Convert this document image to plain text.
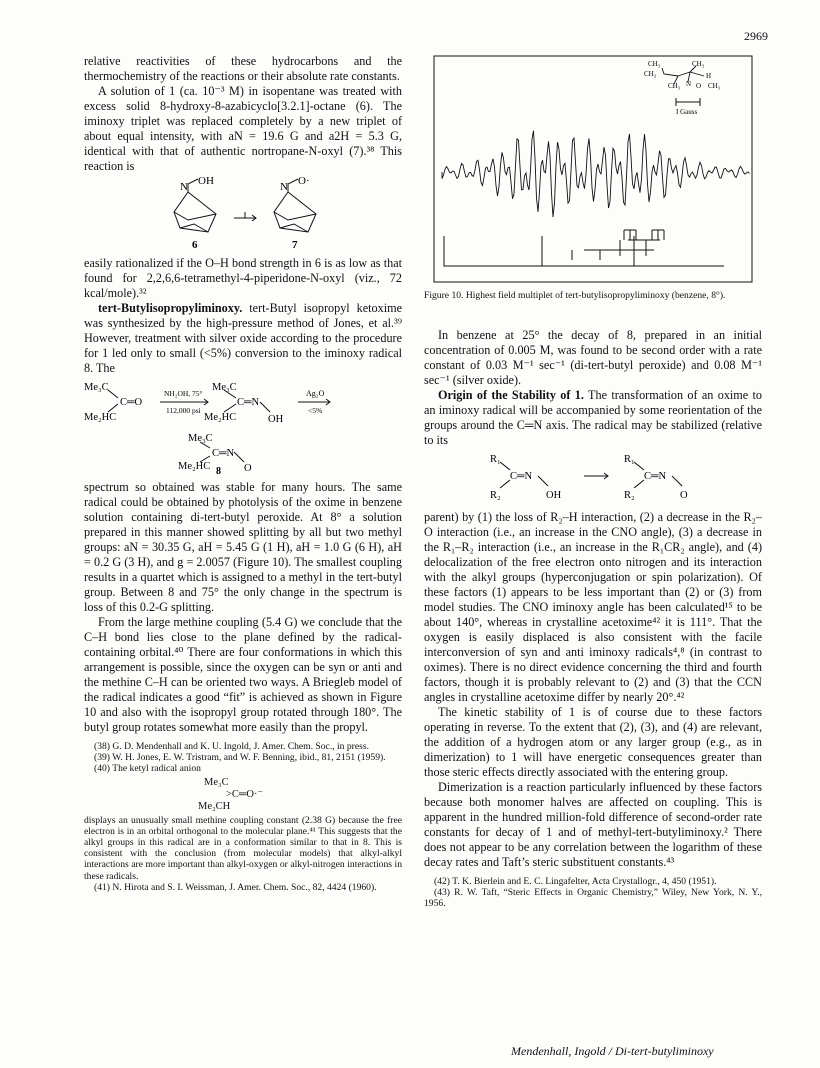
2969

relative reactivities of these hydrocarbons and the thermochemistry of the reactions or their absolute rate constants.

A solution of 1 (ca. 10⁻³ M) in isopentane was treated with excess solid 8-hydroxy-8-azabicyclo[3.2.1]-octane (6). The iminoxy triplet was replaced completely by a new triplet of about equal intensity, with aN = 19.6 G and a2H = 5.3 G, identical with that of authentic nortropane-N-oxyl (7).³⁸ This reaction is

N OH	N O·
6	7

easily rationalized if the O–H bond strength in 6 is as low as that found for 2,2,6,6-tetramethyl-4-piperidone-N-oxyl (viz., 72 kcal/mole).³²

tert-Butylisopropyliminoxy. tert-Butyl isopropyl ketoxime was synthesized by the high-pressure method of Jones, et al.³⁹ However, treatment with silver oxide according to the procedure for 1 led only to small (<5%) conversion to the iminoxy radical 8. The

Me₃C
Me₂HC
C═O
NH₂OH, 75°
112,000 psi
Me₃C
Me₂HC
C═N
OH
Ag₂O
<5%
Me₃C
Me₂HC
C═N
O
8

spectrum so obtained was stable for many hours. The same radical could be obtained by photolysis of the oxime in benzene solution containing di-tert-butyl peroxide. At 8° a solution prepared in this manner showed splitting by all but two methyl groups: aN = 30.35 G, aH = 5.45 G (1 H), aH = 1.0 G (6 H), aH = 0.2 G (3 H), and g = 2.0057 (Figure 10). The smallest coupling results in a quartet which is assigned to a methyl in the tert-butyl group. Between 8 and 75° the only change in the spectrum is loss of this 0.2-G splitting.

From the large methine coupling (5.4 G) we conclude that the C–H bond lies close to the plane defined by the radical-containing orbital.⁴⁰ There are four conformations in which this arrangement is possible, since the oxygen can be syn or anti and the methine C–H can be oriented two ways. A Briegleb model of the radical indicates a good “fit” is achieved as shown in Figure 10 and also with the isopropyl group rotated through 180°. The butyl group rotates somewhat more easily than the propyl.

(38) G. D. Mendenhall and K. U. Ingold, J. Amer. Chem. Soc., in press.

(39) W. H. Jones, E. W. Tristram, and W. F. Benning, ibid., 81, 2151 (1959).

(40) The ketyl radical anion

Me₃C
>C═O·⁻
Me₂CH

displays an unusually small methine coupling constant (2.38 G) because the free electron is in an orbital orthogonal to the molecular plane.⁴¹ This suggests that the alkyl groups in this radical are in a conformation similar to that in 8. This is consistent with the conclusion (from molecular models) that alkyl-alkyl interactions are more important than alkyl-oxygen or alkyl-nitrogen interactions in these radicals.

(41) N. Hirota and S. I. Weissman, J. Amer. Chem. Soc., 82, 4424 (1960).

I Gauss
CH₃	CH₃
CH₃
CH₃ N O
H
CH₃
Figure 10. Highest field multiplet of tert-butylisopropyliminoxy (benzene, 8°).

In benzene at 25° the decay of 8, prepared in an initial concentration of 0.005 M, was found to be second order with a rate constant of 0.03 M⁻¹ sec⁻¹ (di-tert-butyl peroxide) and 0.08 M⁻¹ sec⁻¹ (silver oxide).

Origin of the Stability of 1. The transformation of an oxime to an iminoxy radical will be accompanied by some reorientation of the groups around the C═N axis. The radical may be stabilized (relative to its

R₁
R₂
C═N
OH
R₁
R₂
C═N
O

parent) by (1) the loss of R₂–H interaction, (2) a decrease in the R₂–O interaction (i.e., an increase in the CNO angle), (3) a decrease in the R₁–R₂ interaction (i.e., an increase in the R₁CR₂ angle), and (4) delocalization of the free electron onto nitrogen and its interaction with the alkyl groups (hyperconjugation or spin polarization). Of these factors (1) appears to be less important than (2) or (3) from model studies. The CNO iminoxy angle has been calculated¹⁵ to be about 140°, whereas in crystalline acetoxime⁴² it is 111°. That the oxygen is easily displaced is also consistent with the facile interconversion of syn and anti iminoxy radicals⁴,⁸ (in contrast to oximes). There is no direct evidence concerning the third and fourth factors, though it is probably relevant to (2) and (3) that the CCN angles in crystalline acetoxime differ by nearly 20°.⁴²

The kinetic stability of 1 is of course due to these factors operating in reverse. To the extent that (2), (3), and (4) are relevant, the addition of a hydrogen atom or any larger group (e.g., as in dimerization) to 1 will have energetic consequences greater than those steric effects directly associated with the entering group.

Dimerization is a reaction particularly influenced by these factors because both monomer halves are affected on coupling. This is apparent in the hundred million-fold difference of second-order rate constants for decay of 1 and of methyl-tert-butyliminoxy.² There does not appear to be any correlation between the logarithm of these decay rates and Taft’s steric substituent constants.⁴³

(42) T. K. Bierlein and E. C. Lingafelter, Acta Crystallogr., 4, 450 (1951).

(43) R. W. Taft, “Steric Effects in Organic Chemistry,” Wiley, New York, N. Y., 1956.

Mendenhall, Ingold / Di-tert-butyliminoxy
